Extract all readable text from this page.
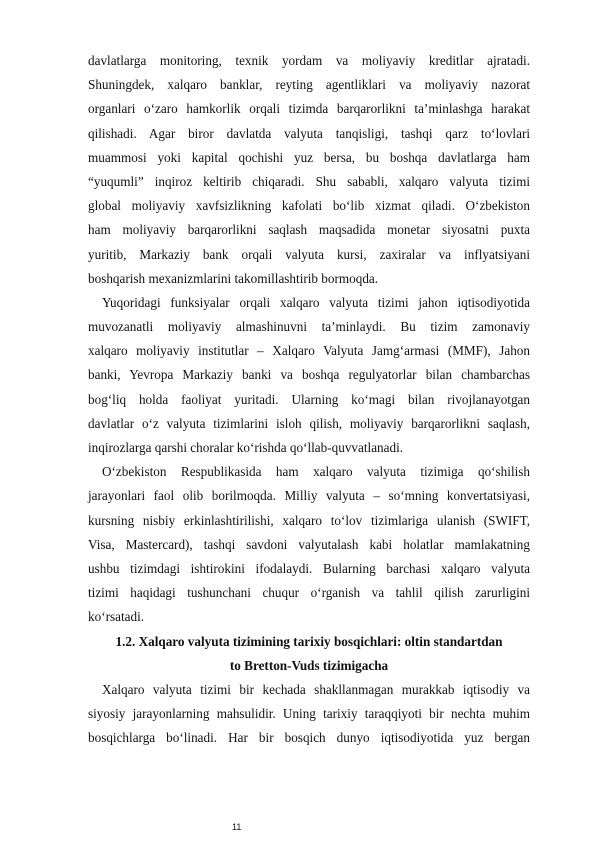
davlatlarga monitoring, texnik yordam va moliyaviy kreditlar ajratadi.
Shuningdek, xalqaro banklar, reyting agentliklari va moliyaviy nazorat
organlari o‘zaro hamkorlik orqali tizimda barqarorlikni ta’minlashga harakat
qilishadi. Agar biror davlatda valyuta tanqisligi, tashqi qarz to‘lovlari
muammosi yoki kapital qochishi yuz bersa, bu boshqa davlatlarga ham
“yuqumli” inqiroz keltirib chiqaradi. Shu sababli, xalqaro valyuta tizimi
global moliyaviy xavfsizlikning kafolati bo‘lib xizmat qiladi. O‘zbekiston
ham moliyaviy barqarorlikni saqlash maqsadida monetar siyosatni puxta
yuritib, Markaziy bank orqali valyuta kursi, zaxiralar va inflyatsiyani
boshqarish mexanizmlarini takomillashtirib bormoqda.
Yuqoridagi funksiyalar orqali xalqaro valyuta tizimi jahon iqtisodiyotida
muvozanatli moliyaviy almashinuvni ta’minlaydi. Bu tizim zamonaviy
xalqaro moliyaviy institutlar – Xalqaro Valyuta Jamg‘armasi (MMF), Jahon
banki, Yevropa Markaziy banki va boshqa regulyatorlar bilan chambarchas
bog‘liq holda faoliyat yuritadi. Ularning ko‘magi bilan rivojlanayotgan
davlatlar o‘z valyuta tizimlarini isloh qilish, moliyaviy barqarorlikni saqlash,
inqirozlarga qarshi choralar ko‘rishda qo‘llab-quvvatlanadi.
O‘zbekiston Respublikasida ham xalqaro valyuta tizimiga qo‘shilish
jarayonlari faol olib borilmoqda. Milliy valyuta – so‘mning konvertatsiyasi,
kursning nisbiy erkinlashtirilishi, xalqaro to‘lov tizimlariga ulanish (SWIFT,
Visa, Mastercard), tashqi savdoni valyutalash kabi holatlar mamlakatning
ushbu tizimdagi ishtirokini ifodalaydi. Bularning barchasi xalqaro valyuta
tizimi haqidagi tushunchani chuqur o‘rganish va tahlil qilish zarurligini
ko‘rsatadi.
1.2. Xalqaro valyuta tizimining tarixiy bosqichlari: oltin standartdan
to Bretton-Vuds tizimigacha
Xalqaro valyuta tizimi bir kechada shakllanmagan murakkab iqtisodiy va
siyosiy jarayonlarning mahsulidir. Uning tarixiy taraqqiyoti bir nechta muhim
bosqichlarga bo‘linadi. Har bir bosqich dunyo iqtisodiyotida yuz bergan
11
